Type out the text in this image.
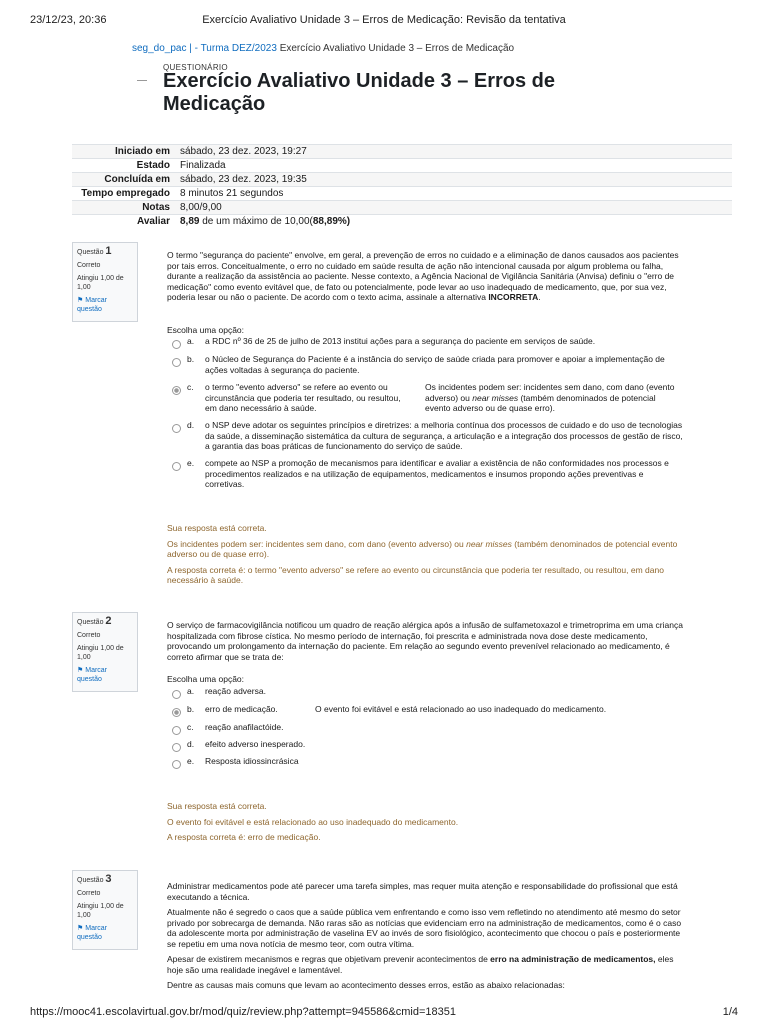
23/12/23, 20:36	Exercício Avaliativo Unidade 3 – Erros de Medicação: Revisão da tentativa
seg_do_pac | - Turma DEZ/2023 Exercício Avaliativo Unidade 3 – Erros de Medicação
QUESTIONÁRIO
Exercício Avaliativo Unidade 3 – Erros de Medicação
Iniciado em	sábado, 23 dez. 2023, 19:27
Estado	Finalizada
Concluída em	sábado, 23 dez. 2023, 19:35
Tempo empregado	8 minutos 21 segundos
Notas	8,00/9,00
Avaliar	8,89 de um máximo de 10,00(88,89%)
Questão 1
Correto
Atingiu 1,00 de 1,00
⚑ Marcar questão

O termo "segurança do paciente" envolve, em geral, a prevenção de erros no cuidado e a eliminação de danos causados aos pacientes por tais erros. Conceitualmente, o erro no cuidado em saúde resulta de ação não intencional causada por algum problema ou falha, durante a realização da assistência ao paciente. Nesse contexto, a Agência Nacional de Vigilância Sanitária (Anvisa) definiu o "erro de medicação" como evento evitável que, de fato ou potencialmente, pode levar ao uso inadequado de medicamento, que, por sua vez, poderia lesar ou não o paciente. De acordo com o texto acima, assinale a alternativa INCORRETA.

Escolha uma opção:
a.	a RDC nº 36 de 25 de julho de 2013 institui ações para a segurança do paciente em serviços de saúde.
b.	o Núcleo de Segurança do Paciente é a instância do serviço de saúde criada para promover e apoiar a implementação de ações voltadas à segurança do paciente.
c.	o termo "evento adverso" se refere ao evento ou circunstância que poderia ter resultado, ou resultou, em dano necessário à saúde.
Os incidentes podem ser: incidentes sem dano, com dano (evento adverso) ou near misses (também denominados de potencial evento adverso ou de quase erro).
d.	o NSP deve adotar os seguintes princípios e diretrizes: a melhoria contínua dos processos de cuidado e do uso de tecnologias da saúde, a disseminação sistemática da cultura de segurança, a articulação e a integração dos processos de gestão de risco, a garantia das boas práticas de funcionamento do serviço de saúde.
e.	compete ao NSP a promoção de mecanismos para identificar e avaliar a existência de não conformidades nos processos e procedimentos realizados e na utilização de equipamentos, medicamentos e insumos propondo ações preventivas e corretivas.

Sua resposta está correta.

Os incidentes podem ser: incidentes sem dano, com dano (evento adverso) ou near misses (também denominados de potencial evento adverso ou de quase erro).

A resposta correta é: o termo "evento adverso" se refere ao evento ou circunstância que poderia ter resultado, ou resultou, em dano necessário à saúde.

Questão 2
Correto
Atingiu 1,00 de 1,00
⚑ Marcar questão

O serviço de farmacovigilância notificou um quadro de reação alérgica após a infusão de sulfametoxazol e trimetroprima em uma criança hospitalizada com fibrose cística. No mesmo período de internação, foi prescrita e administrada nova dose deste medicamento, provocando um prolongamento da internação do paciente. Em relação ao segundo evento prevenível relacionado ao medicamento, é correto afirmar que se trata de:

Escolha uma opção:
a.	reação adversa.
b.	erro de medicação.	O evento foi evitável e está relacionado ao uso inadequado do medicamento.
c.	reação anafilactóide.
d.	efeito adverso inesperado.
e.	Resposta idiossincrásica

Sua resposta está correta.

O evento foi evitável e está relacionado ao uso inadequado do medicamento.

A resposta correta é: erro de medicação.

Questão 3
Correto
Atingiu 1,00 de 1,00
⚑ Marcar questão

Administrar medicamentos pode até parecer uma tarefa simples, mas requer muita atenção e responsabilidade do profissional que está executando a técnica.

Atualmente não é segredo o caos que a saúde pública vem enfrentando e como isso vem refletindo no atendimento até mesmo do setor privado por sobrecarga de demanda. Não raras são as notícias que evidenciam erro na administração de medicamentos, como é o caso da adolescente morta por administração de vaselina EV ao invés de soro fisiológico, acontecimento que chocou o país e posteriormente se repetiu em uma nova notícia de mesmo teor, com outra vítima.

Apesar de existirem mecanismos e regras que objetivam prevenir acontecimentos de erro na administração de medicamentos, eles hoje são uma realidade inegável e lamentável.

Dentre as causas mais comuns que levam ao acontecimento desses erros, estão as abaixo relacionadas:

https://mooc41.escolavirtual.gov.br/mod/quiz/review.php?attempt=945586&cmid=18351	1/4
